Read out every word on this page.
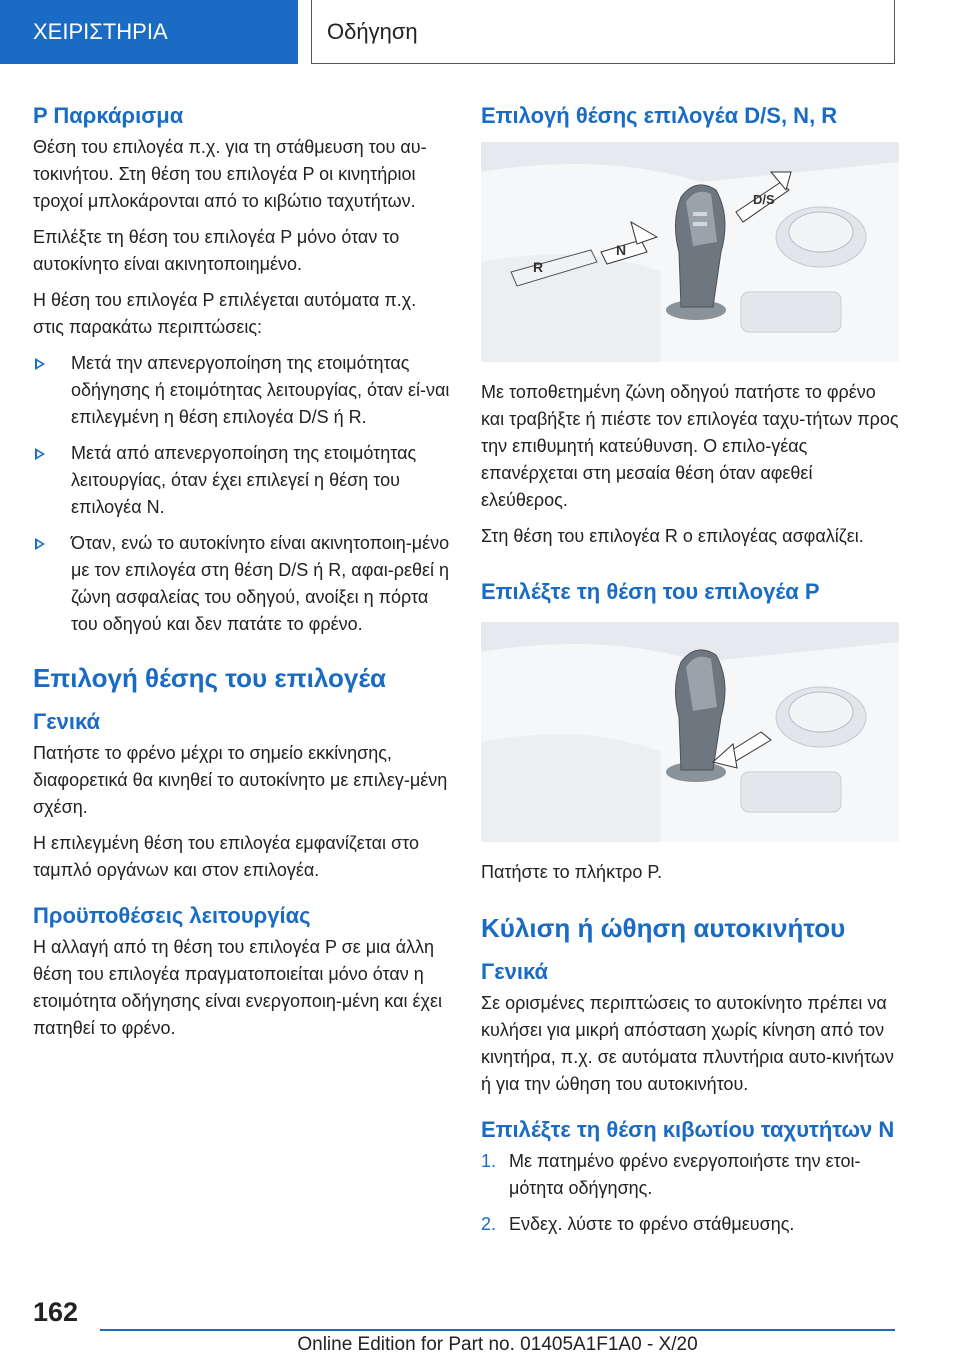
ΧΕΙΡΙΣΤΗΡΙΑ	Οδήγηση
P Παρκάρισμα

Θέση του επιλογέα π.χ. για τη στάθμευση του αυ-τοκινήτου. Στη θέση του επιλογέα P οι κινητήριοι τροχοί μπλοκάρονται από το κιβώτιο ταχυτήτων.

Επιλέξτε τη θέση του επιλογέα P μόνο όταν το αυτοκίνητο είναι ακινητοποιημένο.

Η θέση του επιλογέα P επιλέγεται αυτόματα π.χ. στις παρακάτω περιπτώσεις:

Μετά την απενεργοποίηση της ετοιμότητας οδήγησης ή ετοιμότητας λειτουργίας, όταν εί-ναι επιλεγμένη η θέση επιλογέα D/S ή R.
Μετά από απενεργοποίηση της ετοιμότητας λειτουργίας, όταν έχει επιλεγεί η θέση του επιλογέα N.
Όταν, ενώ το αυτοκίνητο είναι ακινητοποιη-μένο με τον επιλογέα στη θέση D/S ή R, αφαι-ρεθεί η ζώνη ασφαλείας του οδηγού, ανοίξει η πόρτα του οδηγού και δεν πατάτε το φρένο.
Επιλογή θέσης του επιλογέα
Γενικά

Πατήστε το φρένο μέχρι το σημείο εκκίνησης, διαφορετικά θα κινηθεί το αυτοκίνητο με επιλεγ-μένη σχέση.

Η επιλεγμένη θέση του επιλογέα εμφανίζεται στο ταμπλό οργάνων και στον επιλογέα.

Προϋποθέσεις λειτουργίας

Η αλλαγή από τη θέση του επιλογέα P σε μια άλλη θέση του επιλογέα πραγματοποιείται μόνο όταν η ετοιμότητα οδήγησης είναι ενεργοποιη-μένη και έχει πατηθεί το φρένο.

Επιλογή θέσης επιλογέα D/S, N, R
R
N
D/S

Με τοποθετημένη ζώνη οδηγού πατήστε το φρένο και τραβήξτε ή πιέστε τον επιλογέα ταχυ-τήτων προς την επιθυμητή κατεύθυνση. Ο επιλο-γέας επανέρχεται στη μεσαία θέση όταν αφεθεί ελεύθερος.

Στη θέση του επιλογέα R ο επιλογέας ασφαλίζει.

Επιλέξτε τη θέση του επιλογέα P

Πατήστε το πλήκτρο P.

Κύλιση ή ώθηση αυτοκινήτου
Γενικά

Σε ορισμένες περιπτώσεις το αυτοκίνητο πρέπει να κυλήσει για μικρή απόσταση χωρίς κίνηση από τον κινητήρα, π.χ. σε αυτόματα πλυντήρια αυτο-κινήτων ή για την ώθηση του αυτοκινήτου.

Επιλέξτε τη θέση κιβωτίου ταχυτήτων N
1. Με πατημένο φρένο ενεργοποιήστε την ετοι-μότητα οδήγησης.
2. Ενδεχ. λύστε το φρένο στάθμευσης.
162
Online Edition for Part no. 01405A1F1A0 - X/20
